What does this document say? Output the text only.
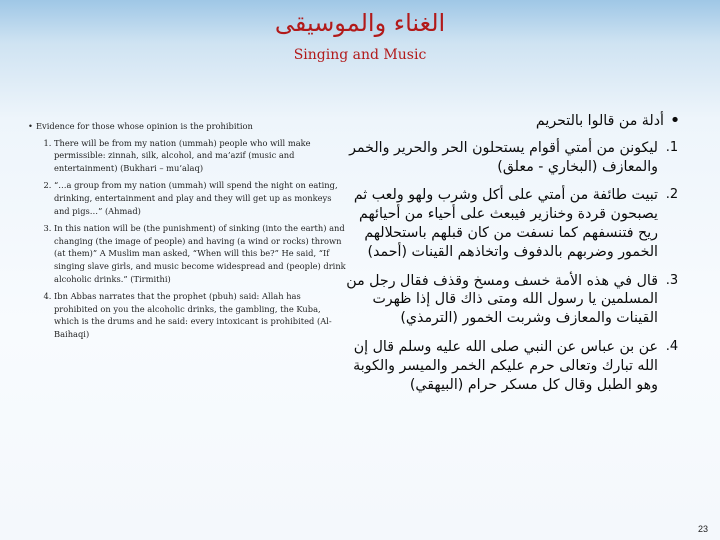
الغناء والموسيقى
Singing and Music
• Evidence for those whose opinion is the prohibition
1. There will be from my nation (ummah) people who will make permissible: zinnah, silk, alcohol, and ma’azif (music and entertainment) (Bukhari – mu’alaq)
2. “…a group from my nation (ummah) will spend the night on eating, drinking, entertainment and play and they will get up as monkeys and pigs…” (Ahmad)
3. In this nation will be (the punishment) of sinking (into the earth) and changing (the image of people) and having (a wind or rocks) thrown (at them)” A Muslim man asked, “When will this be?” He said, “If singing slave girls, and music become widespread and (people) drink alcoholic drinks.” (Tirmithi)
4. Ibn Abbas narrates that the prophet (pbuh) said: Allah has prohibited on you the alcoholic drinks, the gambling, the Kuba, which is the drums and he said: every intoxicant is prohibited (Al-Baihaqi)
•
أدلة من قالوا بالتحريم
1.
ليكونن من أمتي أقوام يستحلون الحر والحرير والخمر والمعازف (البخاري - معلق)
2.
تبيت طائفة من أمتي على أكل وشرب ولهو ولعب ثم يصبحون قردة وخنازير فيبعث على أحياء من أحيائهم ريح فتنسفهم كما نسفت من كان قبلهم باستحلالهم الخمور وضربهم بالدفوف واتخاذهم القينات (أحمد)
3.
قال في هذه الأمة خسف ومسخ وقذف فقال رجل من المسلمين يا رسول الله ومتى ذاك قال إذا ظهرت القينات والمعازف وشربت الخمور (الترمذي)
4.
عن بن عباس عن النبي صلى الله عليه وسلم قال إن الله تبارك وتعالى حرم عليكم الخمر والميسر والكوبة وهو الطبل وقال كل مسكر حرام (البيهقي)
23
